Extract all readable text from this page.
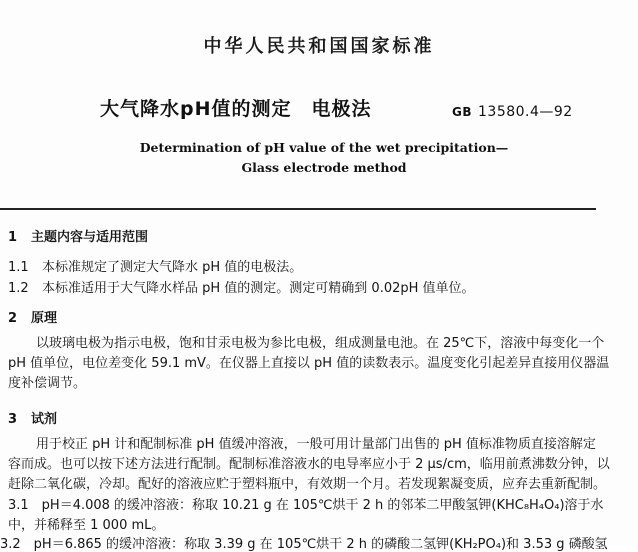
中华人民共和国国家标准
大气降水pH值的测定　电极法	GB 13580.4—92
Determination of pH value of the wet precipitation—
Glass electrode method
1 主题内容与适用范围
1.1 本标准规定了测定大气降水 pH 值的电极法。
1.2 本标准适用于大气降水样品 pH 值的测定。测定可精确到 0.02pH 值单位。
2 原理
以玻璃电极为指示电极，饱和甘汞电极为参比电极，组成测量电池。在 25℃下，溶液中每变化一个
pH 值单位，电位差变化 59.1 mV。在仪器上直接以 pH 值的读数表示。温度变化引起差异直接用仪器温
度补偿调节。
3 试剂
用于校正 pH 计和配制标准 pH 值缓冲溶液，一般可用计量部门出售的 pH 值标准物质直接溶解定
容而成。也可以按下述方法进行配制。配制标准溶液水的电导率应小于 2 μs/cm，临用前煮沸数分钟，以
赶除二氧化碳，冷却。配好的溶液应贮于塑料瓶中，有效期一个月。若发现絮凝变质，应弃去重新配制。
3.1　pH＝4.008 的缓冲溶液：称取 10.21 g 在 105℃烘干 2 h 的邻苯二甲酸氢钾(KHC₈H₄O₄)溶于水
中，并稀释至 1 000 mL。
3.2　pH＝6.865 的缓冲溶液：称取 3.39 g 在 105℃烘干 2 h 的磷酸二氢钾(KH₂PO₄)和 3.53 g 磷酸氢
